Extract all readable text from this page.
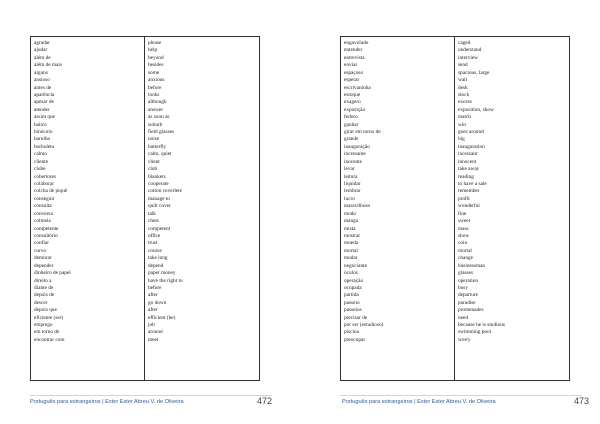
agradar
ajudar
além de
além de mais
alguns
ansioso
antes de
aparência
apesar de
atender
assim que
bairro
binóculo
barulho
borboleta
calmo
cliente
clube
cobertores
colaborar
colcha de piquê
conseguir
consulta
conversa
colmeia
competente
consultório
confiar
curvo
demorar
depender
dinheiro de papel
direito a
diante de
depois de
descer
depois que
eficiente (ser)
emprego
em torno de
encontrar com
please
help
beyond
besides
some
anxious
before
looks
although
answer
as soon as
suburb
field glasses
noise
butterfly
calm, quiet
client
club
blankets
cooperate
cotton coverlete
manage to
quilt cover
talk
chest
competent
office
trust
course
take long
depend
paper money
have the right to
before
after
go down
after
efficient (be)
job
around
meet
Português para estrangeiros | Ester Ester Abreu V. de Oliveira	472
engavolado
entender
entrevista
enviar
espaçoso
esperar
escrivaninha
estoque
exagero
exposição
fedoro
ganhar
girar em torno de
grande
inauguração
incessante
inocente
levar
leitura
liquidar
lembrar
lucro
maravilhoso
modo
manga
mista
mostrar
moeda
mortal
mudar
negociante
óculos
operação
ocupada
partida
passeio
passeios
precisar de
por ser (estudioso)
piscina
preocupar
caged
understand
interview
send
spacious, large
wait
desk
stock
excess
exposition, show
match
win
goes around
big
inauguration
incessant
innocent
take away
reading
to have a sale
remember
profit
wonderful
fine
sweet
mass
show
coin
mortal
change
businessman
glasses
operation
busy
departure
paradise
promenades
need
because he is studious
swimming pool
worry
Português para estrangeiros | Ester Ester Abreu V. de Oliveira	473
